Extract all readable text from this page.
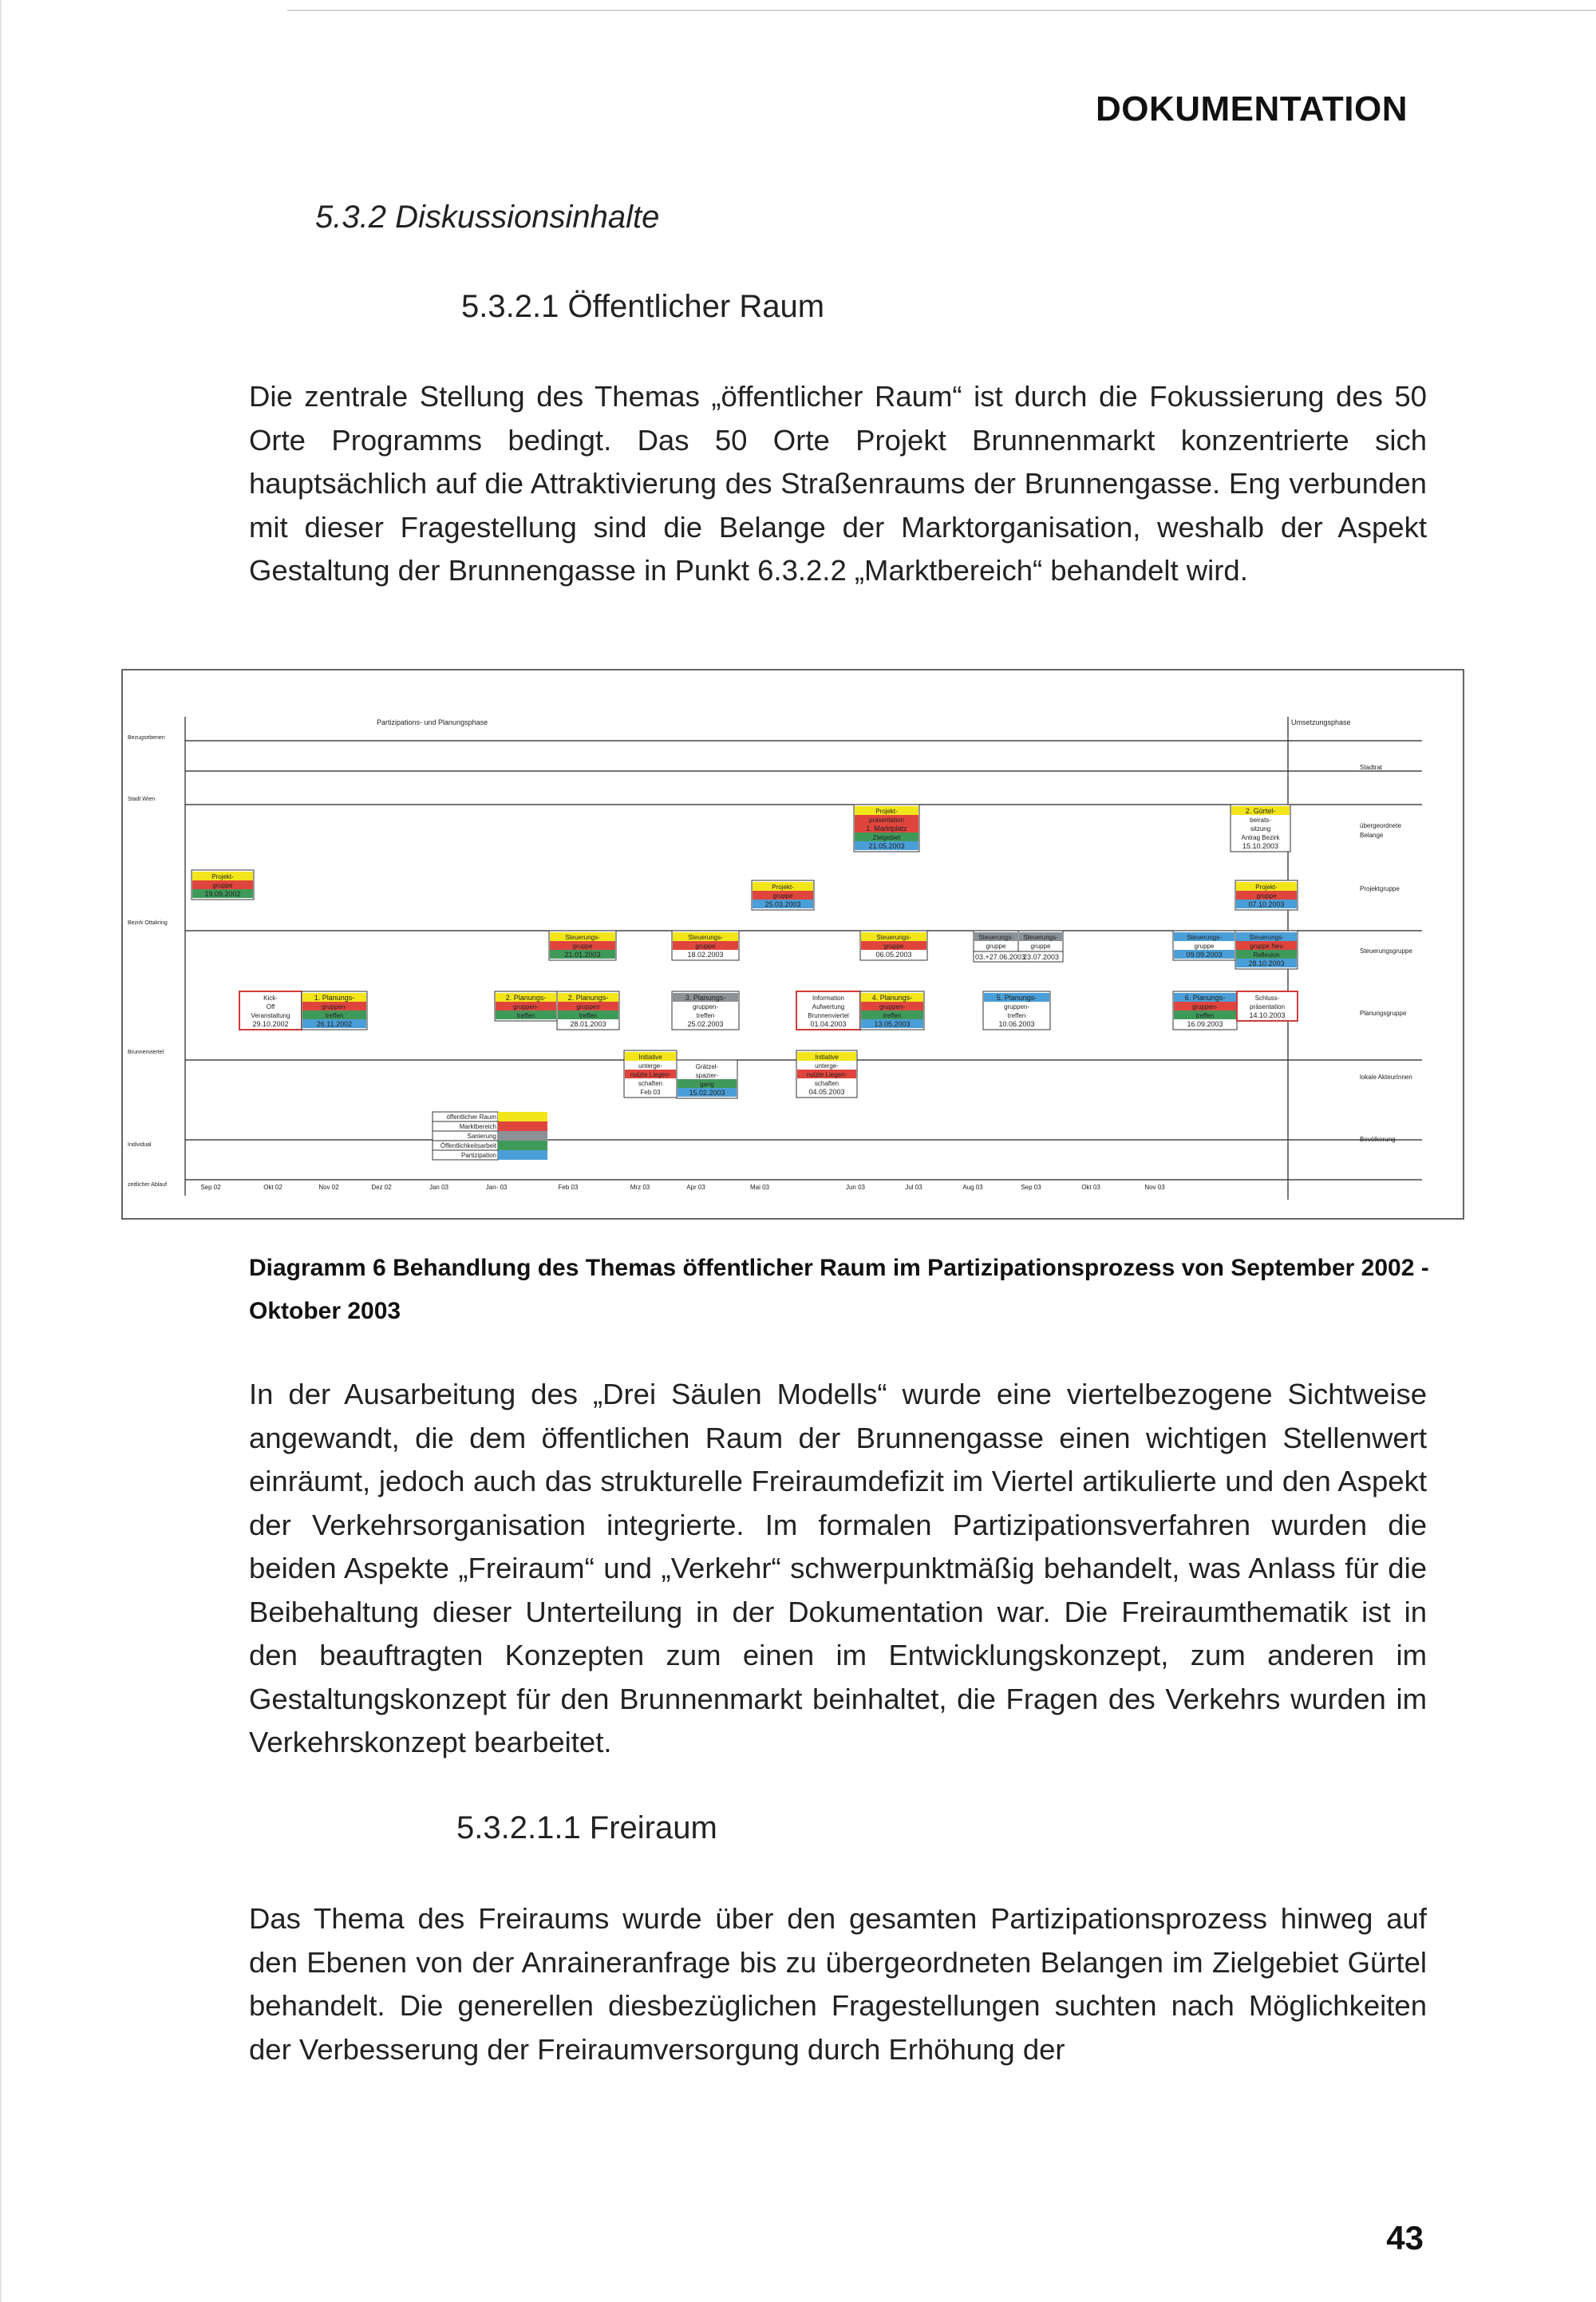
DOKUMENTATION
5.3.2 Diskussionsinhalte
5.3.2.1 Öffentlicher Raum
Die zentrale Stellung des Themas „öffentlicher Raum“ ist durch die Fokussierung des 50 Orte Programms bedingt. Das 50 Orte Projekt Brunnenmarkt konzentrierte sich hauptsächlich auf die Attraktivierung des Straßenraums der Brunnengasse. Eng verbunden mit dieser Fragestellung sind die Belange der Marktorganisation, weshalb der Aspekt Gestaltung der Brunnengasse in Punkt 6.3.2.2 „Marktbereich“ behandelt wird.
Partizipations- und Planungsphase	Umsetzungsphase
Bezugsebenen
Stadt Wien
Bezirk Ottakring
Brunnenviertel
Individual
zeitlicher Ablauf
Stadtrat
übergeordnete
Belange
Projektgruppe
Steuerungsgruppe
Planungsgruppe
lokale AkteurInnen
Bevölkerung
Sep 02	Okt 02	Nov 02	Dez 02	Jan 03	Feb 03	Mrz 03	Apr 03	Mai 03	Jun 03	Jul 03	Aug 03	Sep 03	Okt 03	Nov 03
Jan- 03
Projekt-
präsentation
1. Marktplatz
Zielgebiet
21.05.2003
2. Gürtel-
beirats-
sitzung
Antrag Bezirk
15.10.2003
Projekt-
gruppe
19.09.2002
Projekt-
gruppe
25.03.2003
Projekt-
gruppe
07.10.2003
Steuerungs-
gruppe
21.01.2003
Steuerungs-
gruppe
18.02.2003
Steuerungs-
gruppe
06.05.2003
Steuerungs-
gruppe
Steuerungs-
gruppe
03.+27.06.2003
23.07.2003
Steuerungs-
gruppe
09.09.2003
Steuerungs-
gruppe Neu
Reflexion
28.10.2003
Kick-
Off
Veranstaltung
29.10.2002
1. Planungs-
gruppen-
treffen
26.11.2002
2. Planungs-
gruppen-
treffen
2. Planungs-
gruppen
treffen
28.01.2003
3. Planungs-
gruppen-
treffen
25.02.2003
Information
Aufwertung
Brunnenviertel
01.04.2003
4. Planungs-
gruppen-
treffen
13.05.2003
5. Planungs-
gruppen-
treffen
10.06.2003
6. Planungs-
gruppen-
treffen
16.09.2003
Schluss-
präsentation
14.10.2003
Initiative
unterge-
nutzte Liegen-
schaften
Feb 03
Grätzel-
spazier-
gang
15.02.2003
Initiative
unterge-
nutzte Liegen-
schaften
04.05.2003
öffentlicher Raum
Marktbereich
Sanierung
Öffentlichkeitsarbeit
Partizipation
Diagramm 6 Behandlung des Themas öffentlicher Raum im Partizipationsprozess von September 2002 - Oktober 2003
In der Ausarbeitung des „Drei Säulen Modells“ wurde eine viertelbezogene Sichtweise angewandt, die dem öffentlichen Raum der Brunnengasse einen wichtigen Stellenwert einräumt, jedoch auch das strukturelle Freiraumdefizit im Viertel artikulierte und den Aspekt der Verkehrsorganisation integrierte. Im formalen Partizipationsverfahren wurden die beiden Aspekte „Freiraum“ und „Verkehr“ schwerpunktmäßig behandelt, was Anlass für die Beibehaltung dieser Unterteilung in der Dokumentation war. Die Freiraumthematik ist in den beauftragten Konzepten zum einen im Entwicklungskonzept, zum anderen im Gestaltungskonzept für den Brunnenmarkt beinhaltet, die Fragen des Verkehrs wurden im Verkehrskonzept bearbeitet.
5.3.2.1.1 Freiraum
Das Thema des Freiraums wurde über den gesamten Partizipationsprozess hinweg auf den Ebenen von der Anraineranfrage bis zu übergeordneten Belangen im Zielgebiet Gürtel behandelt. Die generellen diesbezüglichen Fragestellungen suchten nach Möglichkeiten der Verbesserung der Freiraumversorgung durch Erhöhung der
43
